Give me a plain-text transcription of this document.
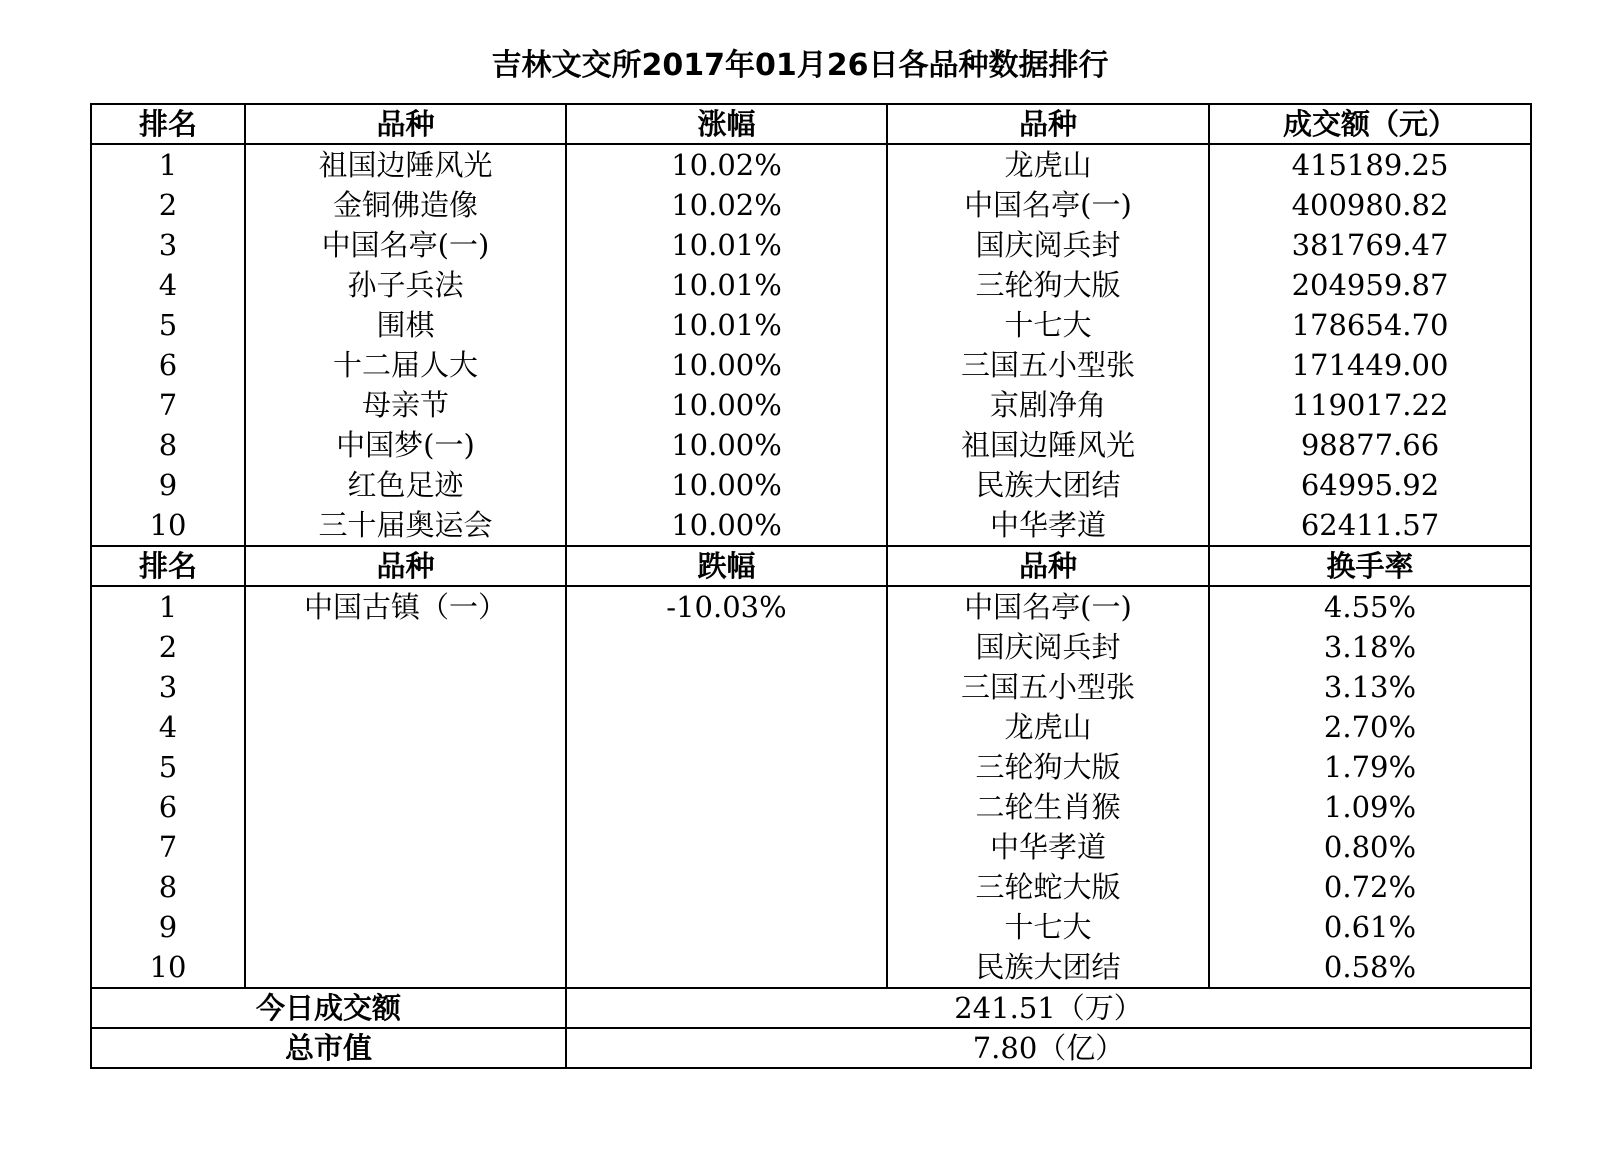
吉林文交所2017年01月26日各品种数据排行
排名	品种	涨幅	品种	成交额（元）
1	祖国边陲风光	10.02%	龙虎山	415189.25
2	金铜佛造像	10.02%	中国名亭(一)	400980.82
3	中国名亭(一)	10.01%	国庆阅兵封	381769.47
4	孙子兵法	10.01%	三轮狗大版	204959.87
5	围棋	10.01%	十七大	178654.70
6	十二届人大	10.00%	三国五小型张	171449.00
7	母亲节	10.00%	京剧净角	119017.22
8	中国梦(一)	10.00%	祖国边陲风光	98877.66
9	红色足迹	10.00%	民族大团结	64995.92
10	三十届奥运会	10.00%	中华孝道	62411.57
排名	品种	跌幅	品种	换手率
1	中国古镇（一）	-10.03%	中国名亭(一)	4.55%
2			国庆阅兵封	3.18%
3			三国五小型张	3.13%
4			龙虎山	2.70%
5			三轮狗大版	1.79%
6			二轮生肖猴	1.09%
7			中华孝道	0.80%
8			三轮蛇大版	0.72%
9			十七大	0.61%
10			民族大团结	0.58%
今日成交额		241.51（万）		
总市值		7.80（亿）		
